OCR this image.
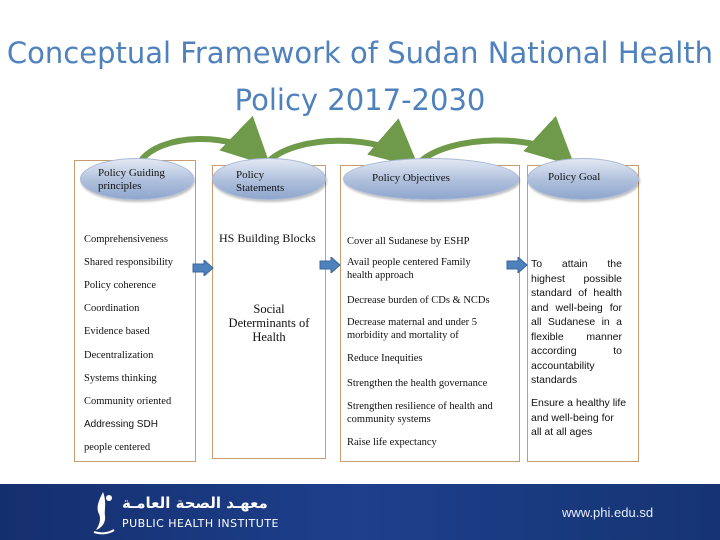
Conceptual Framework of Sudan National Health Policy 2017-2030
Policy Guiding principles
Policy Statements
Policy Objectives	Policy Goal
Comprehensiveness
Shared responsibility
Policy coherence
Coordination
Evidence based
Decentralization
Systems thinking
Community oriented
Addressing SDH
people centered
HS Building Blocks
Social Determinants of Health
Cover all Sudanese by ESHP
Avail people centered Family health approach
Decrease burden of CDs & NCDs
Decrease maternal and under 5 morbidity and mortality of
Reduce Inequities
Strengthen the health governance
Strengthen resilience of health and community systems
Raise life expectancy
To attain the highest possible standard of health and well-being for all Sudanese in a flexible manner according to accountability standards
Ensure a healthy life and well-being for all at all ages
معهـد الصحة العامـة
PUBLIC HEALTH INSTITUTE
www.phi.edu.sd
